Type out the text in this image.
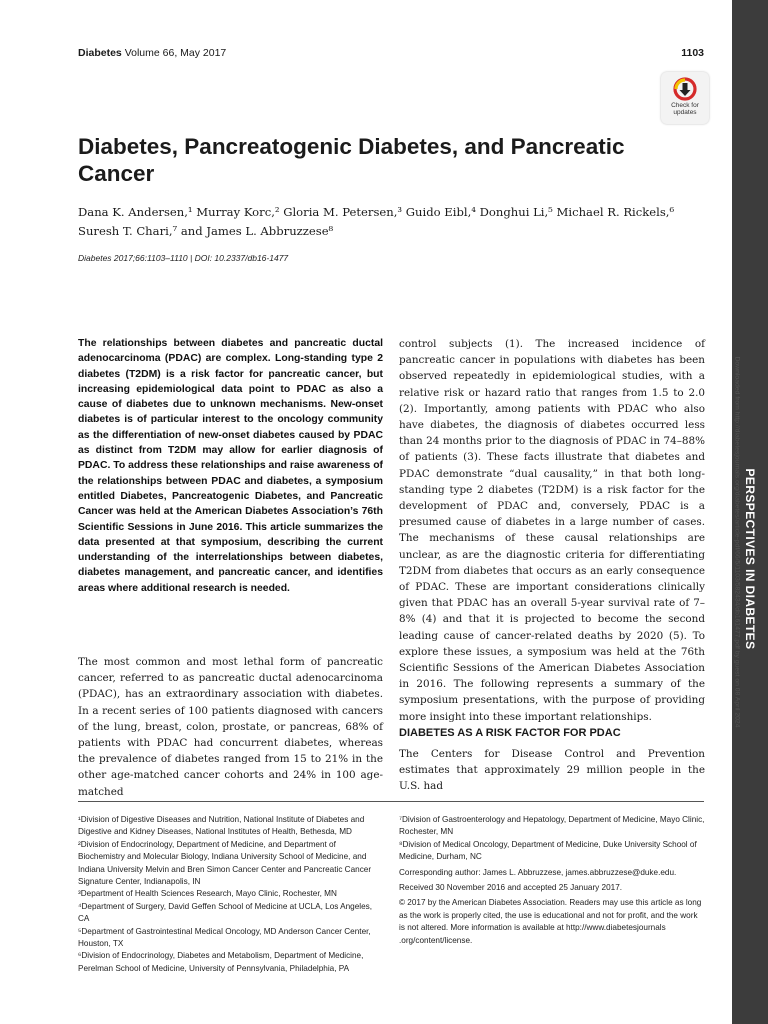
Diabetes Volume 66, May 2017	1103
Check for
updates
Diabetes, Pancreatogenic Diabetes, and Pancreatic Cancer
Dana K. Andersen,¹ Murray Korc,² Gloria M. Petersen,³ Guido Eibl,⁴ Donghui Li,⁵ Michael R. Rickels,⁶
Suresh T. Chari,⁷ and James L. Abbruzzese⁸
Diabetes 2017;66:1103–1110 | DOI: 10.2337/db16-1477

The relationships between diabetes and pancreatic ductal adenocarcinoma (PDAC) are complex. Long-standing type 2 diabetes (T2DM) is a risk factor for pancreatic cancer, but increasing epidemiological data point to PDAC as also a cause of diabetes due to unknown mechanisms. New-onset diabetes is of particular interest to the oncology community as the differentiation of new-onset diabetes caused by PDAC as distinct from T2DM may allow for earlier diagnosis of PDAC. To address these relationships and raise awareness of the relationships between PDAC and diabetes, a symposium entitled Diabetes, Pancreatogenic Diabetes, and Pancreatic Cancer was held at the American Diabetes Association’s 76th Scientific Sessions in June 2016. This article summarizes the data presented at that symposium, describing the current understanding of the interrelationships between diabetes, diabetes management, and pancreatic cancer, and identifies areas where additional research is needed.

The most common and most lethal form of pancreatic cancer, referred to as pancreatic ductal adenocarcinoma (PDAC), has an extraordinary association with diabetes. In a recent series of 100 patients diagnosed with cancers of the lung, breast, colon, prostate, or pancreas, 68% of patients with PDAC had concurrent diabetes, whereas the prevalence of diabetes ranged from 15 to 21% in the other age-matched cancer cohorts and 24% in 100 age-matched

control subjects (1). The increased incidence of pancreatic cancer in populations with diabetes has been observed repeatedly in epidemiological studies, with a relative risk or hazard ratio that ranges from 1.5 to 2.0 (2). Importantly, among patients with PDAC who also have diabetes, the diagnosis of diabetes occurred less than 24 months prior to the diagnosis of PDAC in 74–88% of patients (3). These facts illustrate that diabetes and PDAC demonstrate “dual causality,” in that both long-standing type 2 diabetes (T2DM) is a risk factor for the development of PDAC and, conversely, PDAC is a presumed cause of diabetes in a large number of cases. The mechanisms of these causal relationships are unclear, as are the diagnostic criteria for differentiating T2DM from diabetes that occurs as an early consequence of PDAC. These are important considerations clinically given that PDAC has an overall 5-year survival rate of 7–8% (4) and that it is projected to become the second leading cause of cancer-related deaths by 2020 (5). To explore these issues, a symposium was held at the 76th Scientific Sessions of the American Diabetes Association in 2016. The following represents a summary of the symposium presentations, with the purpose of providing more insight into these important relationships.

DIABETES AS A RISK FACTOR FOR PDAC

The Centers for Disease Control and Prevention estimates that approximately 29 million people in the U.S. had

¹Division of Digestive Diseases and Nutrition, National Institute of Diabetes and Digestive and Kidney Diseases, National Institutes of Health, Bethesda, MD

²Division of Endocrinology, Department of Medicine, and Department of Biochemistry and Molecular Biology, Indiana University School of Medicine, and Indiana University Melvin and Bren Simon Cancer Center and Pancreatic Cancer Signature Center, Indianapolis, IN

³Department of Health Sciences Research, Mayo Clinic, Rochester, MN

⁴Department of Surgery, David Geffen School of Medicine at UCLA, Los Angeles, CA

⁵Department of Gastrointestinal Medical Oncology, MD Anderson Cancer Center, Houston, TX

⁶Division of Endocrinology, Diabetes and Metabolism, Department of Medicine, Perelman School of Medicine, University of Pennsylvania, Philadelphia, PA

⁷Division of Gastroenterology and Hepatology, Department of Medicine, Mayo Clinic, Rochester, MN

⁸Division of Medical Oncology, Department of Medicine, Duke University School of Medicine, Durham, NC

Corresponding author: James L. Abbruzzese, james.abbruzzese@duke.edu.

Received 30 November 2016 and accepted 25 January 2017.

© 2017 by the American Diabetes Association. Readers may use this article as long as the work is properly cited, the use is educational and not for profit, and the work is not altered. More information is available at http://www.diabetesjournals .org/content/license.

PERSPECTIVES IN DIABETES
Downloaded from http://diabetesjournals.org/diabetes/article-pdf/66/5/1103/582434/db161477.pdf by guest on 08 April 2024
